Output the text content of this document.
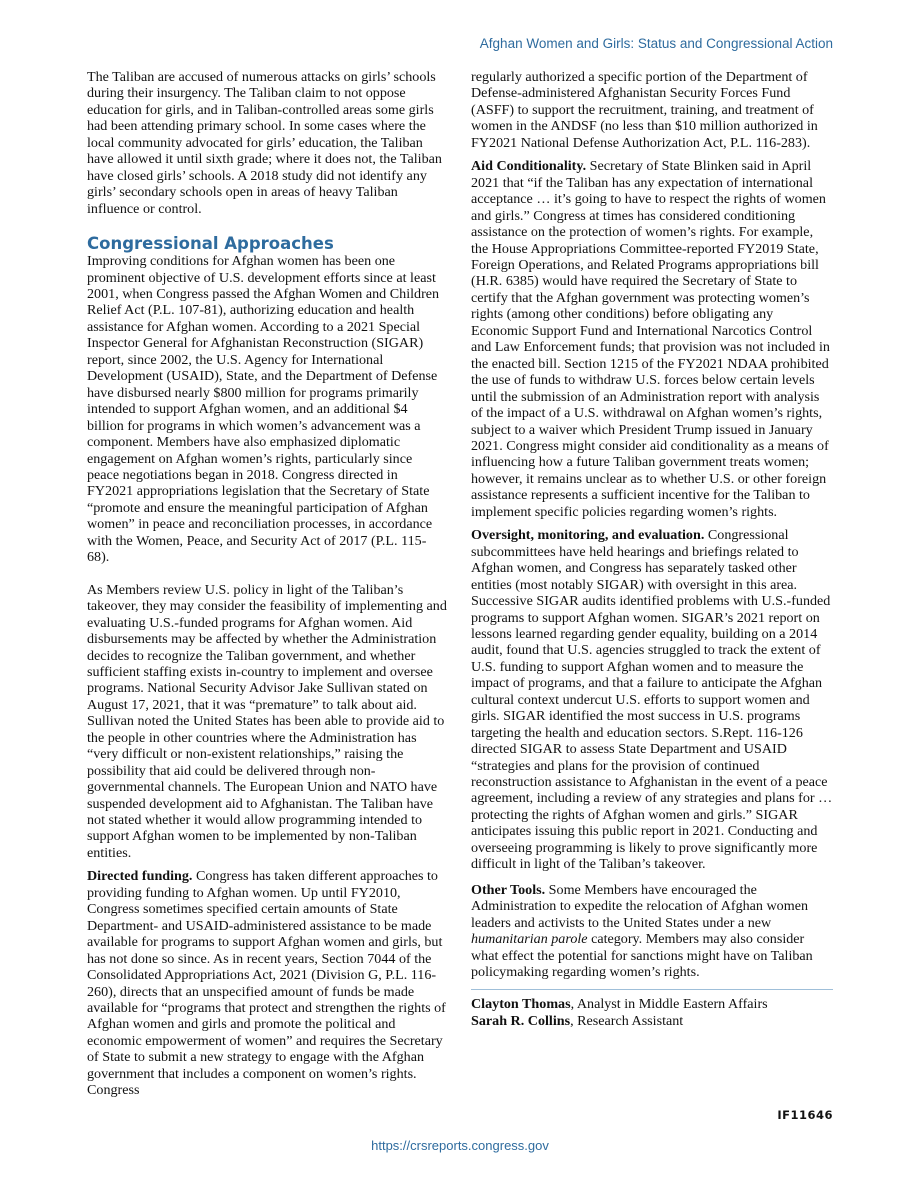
Afghan Women and Girls: Status and Congressional Action

The Taliban are accused of numerous attacks on girls’ schools during their insurgency. The Taliban claim to not oppose education for girls, and in Taliban-controlled areas some girls had been attending primary school. In some cases where the local community advocated for girls’ education, the Taliban have allowed it until sixth grade; where it does not, the Taliban have closed girls’ schools. A 2018 study did not identify any girls’ secondary schools open in areas of heavy Taliban influence or control.

Congressional Approaches

Improving conditions for Afghan women has been one prominent objective of U.S. development efforts since at least 2001, when Congress passed the Afghan Women and Children Relief Act (P.L. 107-81), authorizing education and health assistance for Afghan women. According to a 2021 Special Inspector General for Afghanistan Reconstruction (SIGAR) report, since 2002, the U.S. Agency for International Development (USAID), State, and the Department of Defense have disbursed nearly $800 million for programs primarily intended to support Afghan women, and an additional $4 billion for programs in which women’s advancement was a component. Members have also emphasized diplomatic engagement on Afghan women’s rights, particularly since peace negotiations began in 2018. Congress directed in FY2021 appropriations legislation that the Secretary of State “promote and ensure the meaningful participation of Afghan women” in peace and reconciliation processes, in accordance with the Women, Peace, and Security Act of 2017 (P.L. 115-68).

As Members review U.S. policy in light of the Taliban’s takeover, they may consider the feasibility of implementing and evaluating U.S.-funded programs for Afghan women. Aid disbursements may be affected by whether the Administration decides to recognize the Taliban government, and whether sufficient staffing exists in-country to implement and oversee programs. National Security Advisor Jake Sullivan stated on August 17, 2021, that it was “premature” to talk about aid. Sullivan noted the United States has been able to provide aid to the people in other countries where the Administration has “very difficult or non-existent relationships,” raising the possibility that aid could be delivered through non-governmental channels. The European Union and NATO have suspended development aid to Afghanistan. The Taliban have not stated whether it would allow programming intended to support Afghan women to be implemented by non-Taliban entities.

Directed funding. Congress has taken different approaches to providing funding to Afghan women. Up until FY2010, Congress sometimes specified certain amounts of State Department- and USAID-administered assistance to be made available for programs to support Afghan women and girls, but has not done so since. As in recent years, Section 7044 of the Consolidated Appropriations Act, 2021 (Division G, P.L. 116-260), directs that an unspecified amount of funds be made available for “programs that protect and strengthen the rights of Afghan women and girls and promote the political and economic empowerment of women” and requires the Secretary of State to submit a new strategy to engage with the Afghan government that includes a component on women’s rights. Congress

regularly authorized a specific portion of the Department of Defense-administered Afghanistan Security Forces Fund (ASFF) to support the recruitment, training, and treatment of women in the ANDSF (no less than $10 million authorized in FY2021 National Defense Authorization Act, P.L. 116-283).

Aid Conditionality. Secretary of State Blinken said in April 2021 that “if the Taliban has any expectation of international acceptance … it’s going to have to respect the rights of women and girls.” Congress at times has considered conditioning assistance on the protection of women’s rights. For example, the House Appropriations Committee-reported FY2019 State, Foreign Operations, and Related Programs appropriations bill (H.R. 6385) would have required the Secretary of State to certify that the Afghan government was protecting women’s rights (among other conditions) before obligating any Economic Support Fund and International Narcotics Control and Law Enforcement funds; that provision was not included in the enacted bill. Section 1215 of the FY2021 NDAA prohibited the use of funds to withdraw U.S. forces below certain levels until the submission of an Administration report with analysis of the impact of a U.S. withdrawal on Afghan women’s rights, subject to a waiver which President Trump issued in January 2021. Congress might consider aid conditionality as a means of influencing how a future Taliban government treats women; however, it remains unclear as to whether U.S. or other foreign assistance represents a sufficient incentive for the Taliban to implement specific policies regarding women’s rights.

Oversight, monitoring, and evaluation. Congressional subcommittees have held hearings and briefings related to Afghan women, and Congress has separately tasked other entities (most notably SIGAR) with oversight in this area. Successive SIGAR audits identified problems with U.S.-funded programs to support Afghan women. SIGAR’s 2021 report on lessons learned regarding gender equality, building on a 2014 audit, found that U.S. agencies struggled to track the extent of U.S. funding to support Afghan women and to measure the impact of programs, and that a failure to anticipate the Afghan cultural context undercut U.S. efforts to support women and girls. SIGAR identified the most success in U.S. programs targeting the health and education sectors. S.Rept. 116-126 directed SIGAR to assess State Department and USAID “strategies and plans for the provision of continued reconstruction assistance to Afghanistan in the event of a peace agreement, including a review of any strategies and plans for … protecting the rights of Afghan women and girls.” SIGAR anticipates issuing this public report in 2021. Conducting and overseeing programming is likely to prove significantly more difficult in light of the Taliban’s takeover.

Other Tools. Some Members have encouraged the Administration to expedite the relocation of Afghan women leaders and activists to the United States under a new humanitarian parole category. Members may also consider what effect the potential for sanctions might have on Taliban policymaking regarding women’s rights.

Clayton Thomas, Analyst in Middle Eastern Affairs

Sarah R. Collins, Research Assistant

IF11646
https://crsreports.congress.gov
